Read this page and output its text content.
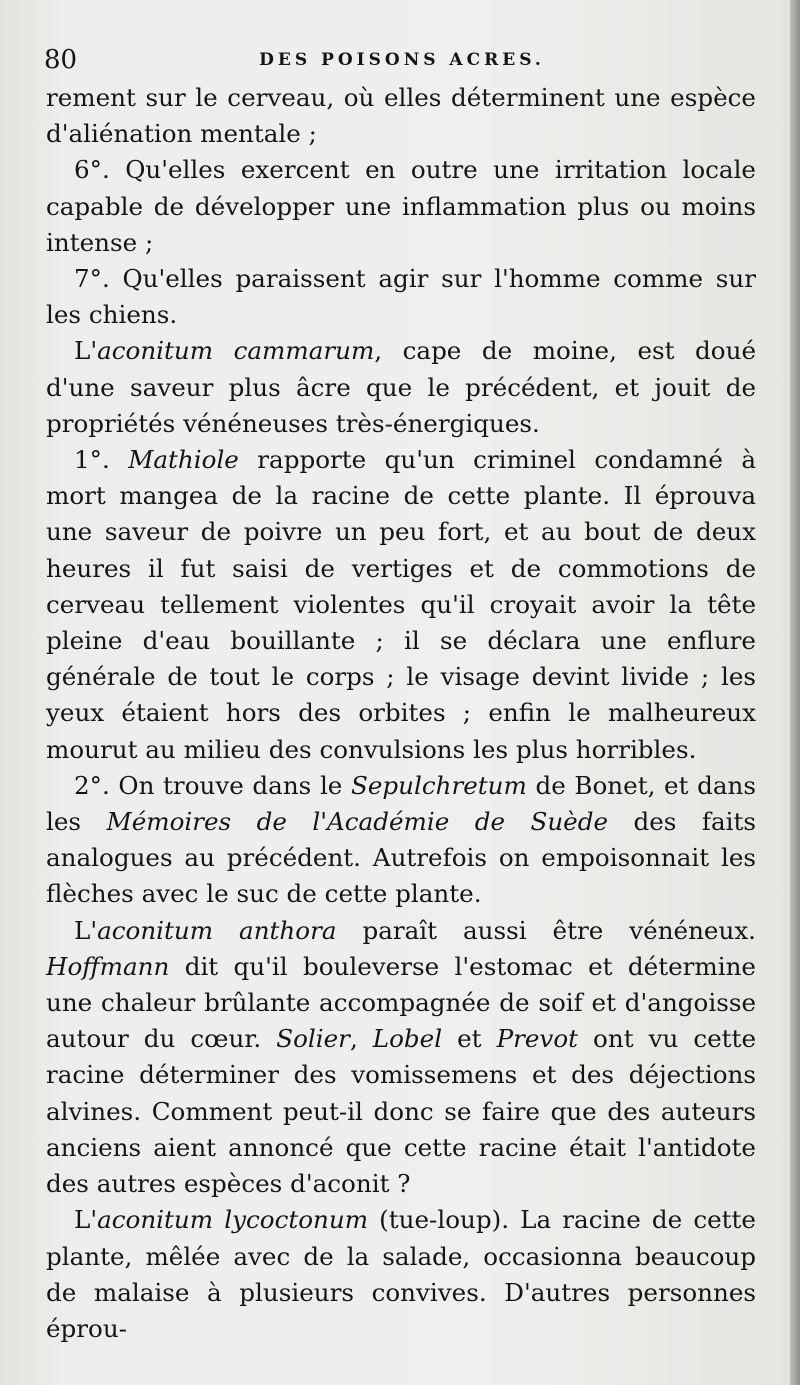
80	DES POISONS ACRES.

rement sur le cerveau, où elles déterminent une espèce d'aliénation mentale ;

6°. Qu'elles exercent en outre une irritation locale capable de développer une inflammation plus ou moins intense ;

7°. Qu'elles paraissent agir sur l'homme comme sur les chiens.

L'aconitum cammarum, cape de moine, est doué d'une saveur plus âcre que le précédent, et jouit de propriétés vénéneuses très-énergiques.

1°. Mathiole rapporte qu'un criminel condamné à mort mangea de la racine de cette plante. Il éprouva une saveur de poivre un peu fort, et au bout de deux heures il fut saisi de vertiges et de commotions de cerveau tellement violentes qu'il croyait avoir la tête pleine d'eau bouillante ; il se déclara une enflure générale de tout le corps ; le visage devint livide ; les yeux étaient hors des orbites ; enfin le malheureux mourut au milieu des convulsions les plus horribles.

2°. On trouve dans le Sepulchretum de Bonet, et dans les Mémoires de l'Académie de Suède des faits analogues au précédent. Autrefois on empoisonnait les flèches avec le suc de cette plante.

L'aconitum anthora paraît aussi être vénéneux. Hoffmann dit qu'il bouleverse l'estomac et détermine une chaleur brûlante accompagnée de soif et d'angoisse autour du cœur. Solier, Lobel et Prevot ont vu cette racine déterminer des vomissemens et des déjections alvines. Comment peut-il donc se faire que des auteurs anciens aient annoncé que cette racine était l'antidote des autres espèces d'aconit ?

L'aconitum lycoctonum (tue-loup). La racine de cette plante, mêlée avec de la salade, occasionna beaucoup de malaise à plusieurs convives. D'autres personnes éprou-
